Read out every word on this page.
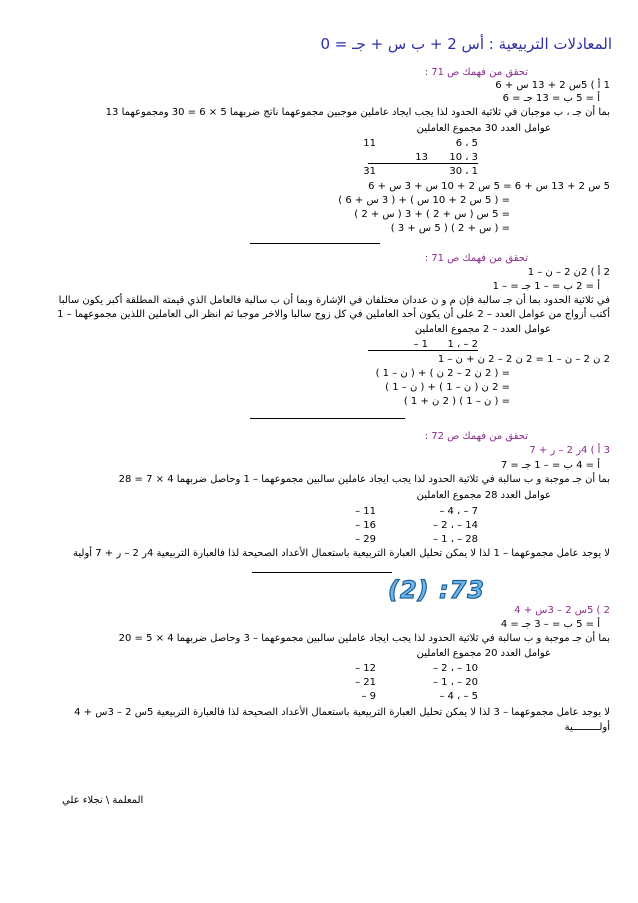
المعادلات التربيعية : أس 2 + ب س + جـ = 0
تحقق من فهمك ص 71 :
1 أ ) 5س 2 + 13 س + 6
أ = 5 ب = 13 جـ = 6
بما أن جـ ، ب موجبان في ثلاثية الحدود لذا يجب ايجاد عاملين موجبين مجموعهما ناتج ضربهما 5 × 6 = 30 ومجموعهما 13
عوامل العدد 30 مجموع العاملين
6 ، 5
11
10 ، 3
13
30 ، 1
31
5 س 2 + 13 س + 6 = 5 س 2 + 10 س + 3 س + 6
= ( 5 س 2 + 10 س ) + ( 3 س + 6 )
= 5 س ( س + 2 ) + 3 ( س + 2 )
= ( س + 2 ) ( 5 س + 3 )
تحقق من فهمك ص 71 :
2 أ ) 2ن 2 – ن – 1
أ = 2 ب = – 1 جـ = – 1
في ثلاثية الحدود بما أن جـ سالبة فإن م و ن عددان مختلفان في الإشارة وبما أن ب سالبة فالعامل الذي قيمته المطلقة أكبر يكون سالبا
أكتب أزواج من عوامل العدد – 2 على أن يكون أحد العاملين في كل زوج سالبا والاخر موجبا ثم انظر الى العاملين اللذين مجموعهما – 1
عوامل العدد – 2 مجموع العاملين
1 ، – 2
– 1
2 ن 2 – ن – 1 = 2 ن 2 – 2 ن + ن – 1
= ( 2 ن 2 – 2 ن ) + ( ن – 1 )
= 2 ن ( ن – 1 ) + ( ن – 1 )
= ( ن – 1 ) ( 2 ن + 1 )
تحقق من فهمك ص 72 :
3 أ ) 4ر 2 – ر + 7
أ = 4 ب = – 1 جـ = 7
بما أن جـ موجبة و ب سالبة في ثلاثية الحدود لذا يجب ايجاد عاملين سالبين مجموعهما – 1 وحاصل ضربهما 4 × 7 = 28
عوامل العدد 28 مجموع العاملين
– 4 ، – 7
– 11
– 2 ، – 14
– 16
– 1 ، – 28
– 29
لا يوجد عامل مجموعهما – 1 لذا لا يمكن تحليل العبارة التربيعية باستعمال الأعداد الصحيحة لذا فالعبارة التربيعية 4ر 2 – ر + 7 أولية
(2) :73
2 ) 5س 2 – 3س + 4
أ = 5 ب = – 3 جـ = 4
بما أن جـ موجبة و ب سالبة في ثلاثية الحدود لذا يجب ايجاد عاملين سالبين مجموعهما – 3 وحاصل ضربهما 4 × 5 = 20
عوامل العدد 20 مجموع العاملين
– 2 ، – 10
– 12
– 1 ، – 20
– 21
– 4 ، – 5
– 9
لا يوجد عامل مجموعهما – 3 لذا لا يمكن تحليل العبارة التربيعية باستعمال الأعداد الصحيحة لذا فالعبارة التربيعية 5س 2 – 3س + 4
أولـــــــــية
المعلمة \ نجلاء علي
